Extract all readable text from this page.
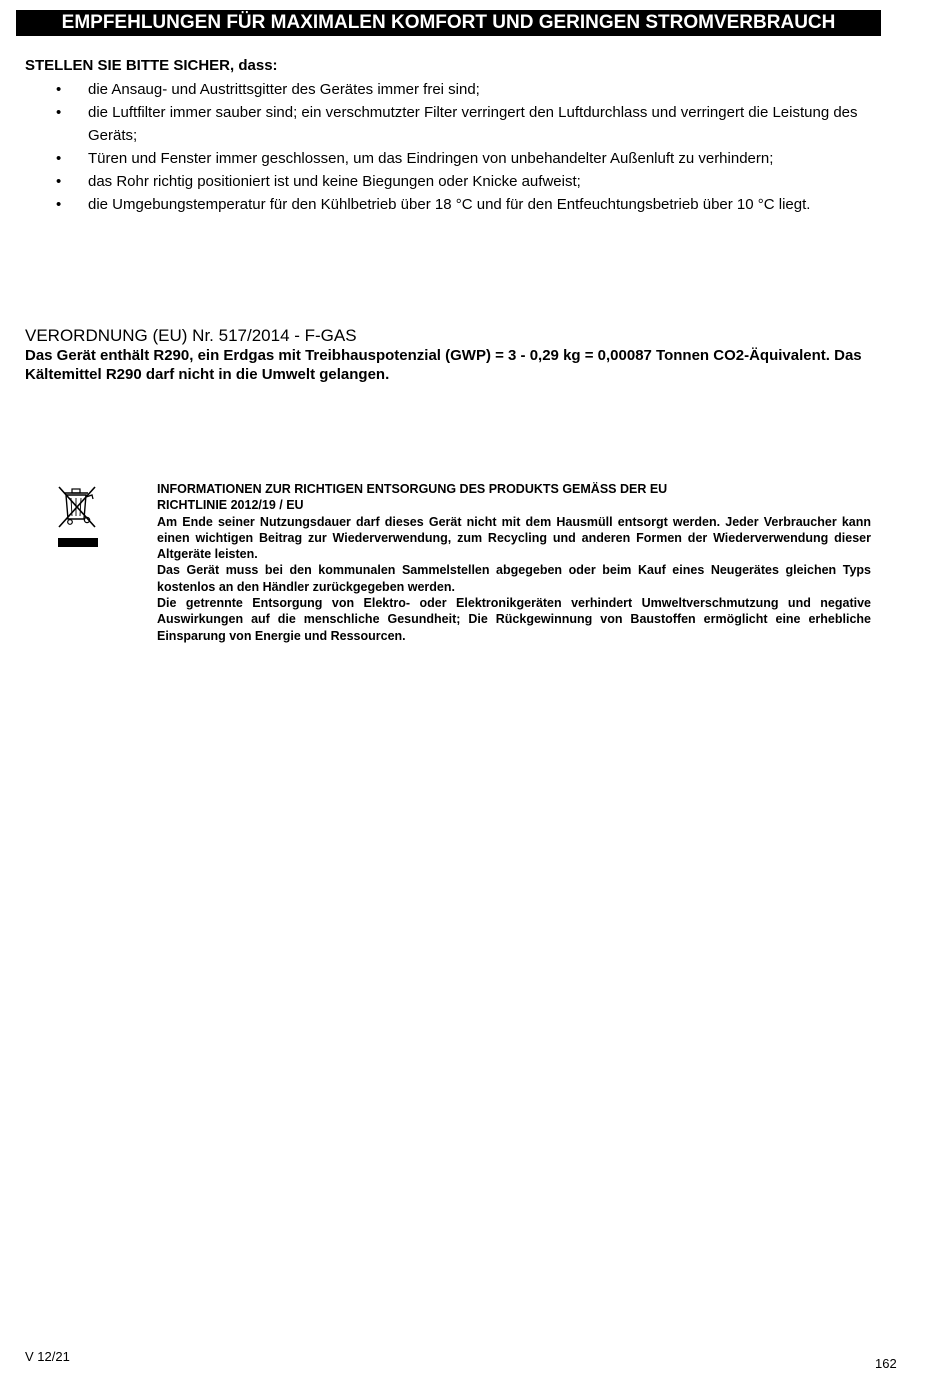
EMPFEHLUNGEN FÜR MAXIMALEN KOMFORT UND GERINGEN STROMVERBRAUCH
STELLEN SIE BITTE SICHER, dass:
• die Ansaug- und Austrittsgitter des Gerätes immer frei sind;
• die Luftfilter immer sauber sind; ein verschmutzter Filter verringert den Luftdurchlass und verringert die Leistung des Geräts;
• Türen und Fenster immer geschlossen, um das Eindringen von unbehandelter Außenluft zu verhindern;
• das Rohr richtig positioniert ist und keine Biegungen oder Knicke aufweist;
• die Umgebungstemperatur für den Kühlbetrieb über 18 °C und für den Entfeuchtungsbetrieb über 10 °C liegt.
VERORDNUNG (EU) Nr. 517/2014 - F-GAS
Das Gerät enthält R290, ein Erdgas mit Treibhauspotenzial (GWP) = 3 - 0,29 kg = 0,00087 Tonnen CO2-Äquivalent. Das Kältemittel R290 darf nicht in die Umwelt gelangen.
INFORMATIONEN ZUR RICHTIGEN ENTSORGUNG DES PRODUKTS GEMÄSS DER EU
RICHTLINIE 2012/19 / EU
Am Ende seiner Nutzungsdauer darf dieses Gerät nicht mit dem Hausmüll entsorgt werden. Jeder Verbraucher kann einen wichtigen Beitrag zur Wiederverwendung, zum Recycling und anderen Formen der Wiederverwendung dieser Altgeräte leisten.
Das Gerät muss bei den kommunalen Sammelstellen abgegeben oder beim Kauf eines Neugerätes gleichen Typs kostenlos an den Händler zurückgegeben werden.
Die getrennte Entsorgung von Elektro- oder Elektronikgeräten verhindert Umweltverschmutzung und negative Auswirkungen auf die menschliche Gesundheit; Die Rückgewinnung von Baustoffen ermöglicht eine erhebliche Einsparung von Energie und Ressourcen.
V 12/21	162
